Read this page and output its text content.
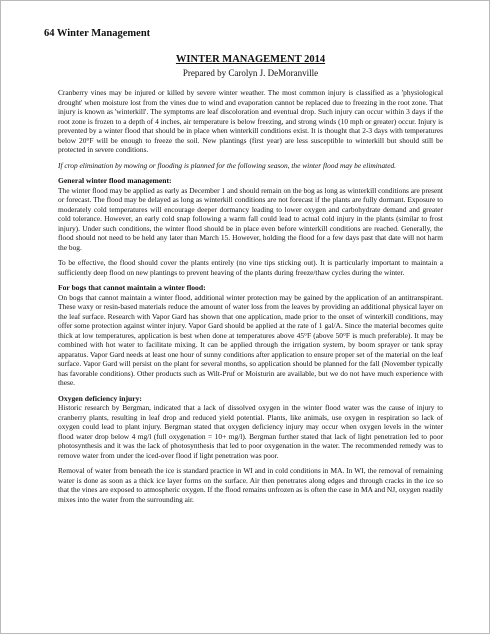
64 Winter Management
WINTER MANAGEMENT 2014
Prepared by Carolyn J. DeMoranville

Cranberry vines may be injured or killed by severe winter weather. The most common injury is classified as a 'physiological drought' when moisture lost from the vines due to wind and evaporation cannot be replaced due to freezing in the root zone. That injury is known as 'winterkill'. The symptoms are leaf discoloration and eventual drop. Such injury can occur within 3 days if the root zone is frozen to a depth of 4 inches, air temperature is below freezing, and strong winds (10 mph or greater) occur. Injury is prevented by a winter flood that should be in place when winterkill conditions exist. It is thought that 2-3 days with temperatures below 20°F will be enough to freeze the soil. New plantings (first year) are less susceptible to winterkill but should still be protected in severe conditions.

If crop elimination by mowing or flooding is planned for the following season, the winter flood may be eliminated.

General winter flood management:

The winter flood may be applied as early as December 1 and should remain on the bog as long as winterkill conditions are present or forecast. The flood may be delayed as long as winterkill conditions are not forecast if the plants are fully dormant. Exposure to moderately cold temperatures will encourage deeper dormancy leading to lower oxygen and carbohydrate demand and greater cold tolerance. However, an early cold snap following a warm fall could lead to actual cold injury in the plants (similar to frost injury). Under such conditions, the winter flood should be in place even before winterkill conditions are reached. Generally, the flood should not need to be held any later than March 15. However, holding the flood for a few days past that date will not harm the bog.

To be effective, the flood should cover the plants entirely (no vine tips sticking out). It is particularly important to maintain a sufficiently deep flood on new plantings to prevent heaving of the plants during freeze/thaw cycles during the winter.

For bogs that cannot maintain a winter flood:

On bogs that cannot maintain a winter flood, additional winter protection may be gained by the application of an antitranspirant. These waxy or resin-based materials reduce the amount of water loss from the leaves by providing an additional physical layer on the leaf surface. Research with Vapor Gard has shown that one application, made prior to the onset of winterkill conditions, may offer some protection against winter injury. Vapor Gard should be applied at the rate of 1 gal/A. Since the material becomes quite thick at low temperatures, application is best when done at temperatures above 45°F (above 50°F is much preferable). It may be combined with hot water to facilitate mixing. It can be applied through the irrigation system, by boom sprayer or tank spray apparatus. Vapor Gard needs at least one hour of sunny conditions after application to ensure proper set of the material on the leaf surface. Vapor Gard will persist on the plant for several months, so application should be planned for the fall (November typically has favorable conditions). Other products such as Wilt-Pruf or Moisturin are available, but we do not have much experience with these.

Oxygen deficiency injury:

Historic research by Bergman, indicated that a lack of dissolved oxygen in the winter flood water was the cause of injury to cranberry plants, resulting in leaf drop and reduced yield potential. Plants, like animals, use oxygen in respiration so lack of oxygen could lead to plant injury. Bergman stated that oxygen deficiency injury may occur when oxygen levels in the winter flood water drop below 4 mg/l (full oxygenation = 10+ mg/l). Bergman further stated that lack of light penetration led to poor photosynthesis and it was the lack of photosynthesis that led to poor oxygenation in the water. The recommended remedy was to remove water from under the iced-over flood if light penetration was poor.

Removal of water from beneath the ice is standard practice in WI and in cold conditions in MA. In WI, the removal of remaining water is done as soon as a thick ice layer forms on the surface. Air then penetrates along edges and through cracks in the ice so that the vines are exposed to atmospheric oxygen. If the flood remains unfrozen as is often the case in MA and NJ, oxygen readily mixes into the water from the surrounding air.
